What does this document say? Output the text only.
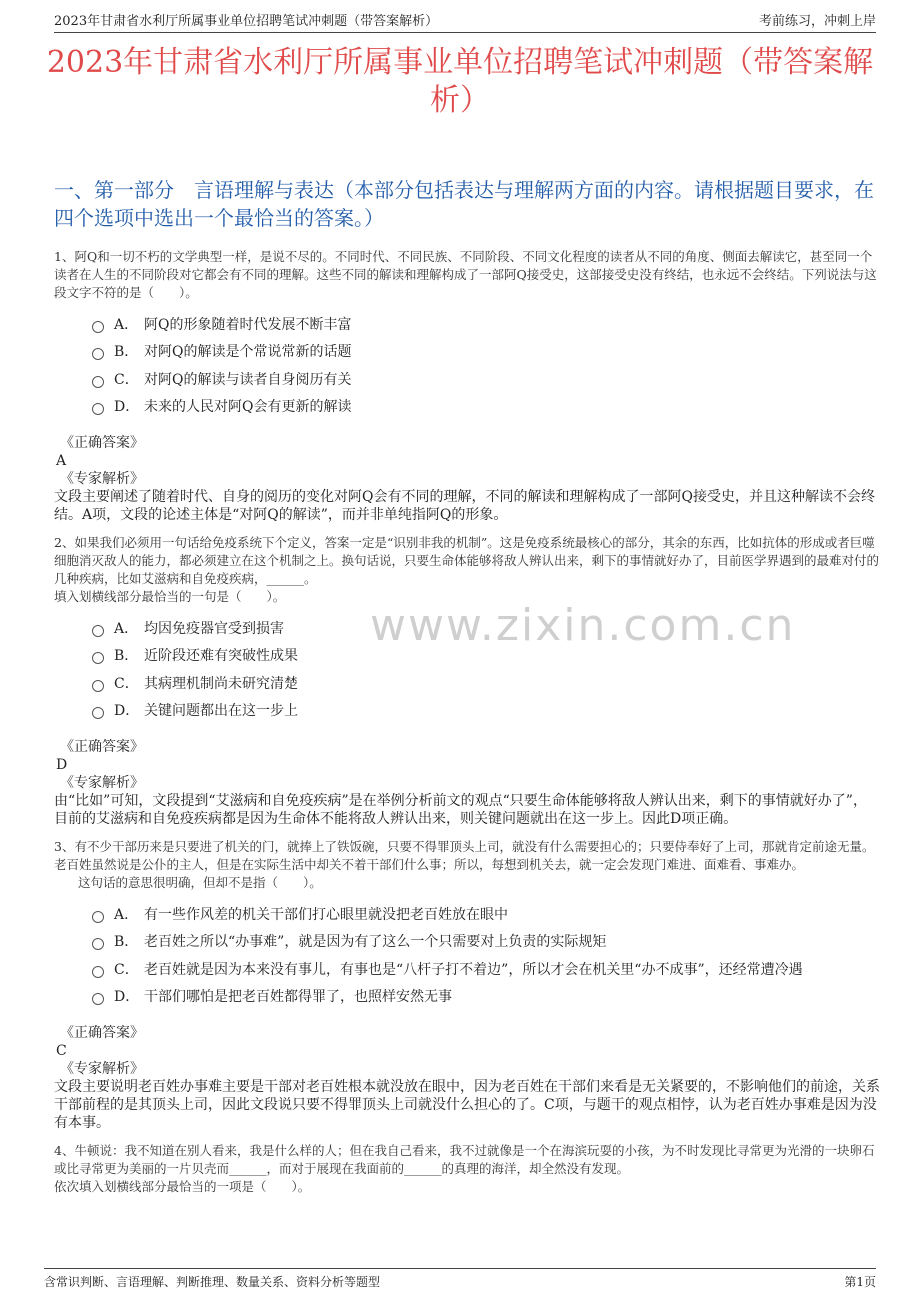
2023年甘肃省水利厅所属事业单位招聘笔试冲刺题（带答案解析）	考前练习，冲刺上岸
2023年甘肃省水利厅所属事业单位招聘笔试冲刺题（带答案解析）
一、第一部分　言语理解与表达（本部分包括表达与理解两方面的内容。请根据题目要求，在四个选项中选出一个最恰当的答案。）
www.zixin.com.cn

1、阿Q和一切不朽的文学典型一样，是说不尽的。不同时代、不同民族、不同阶段、不同文化程度的读者从不同的角度、侧面去解读它，甚至同一个读者在人生的不同阶段对它都会有不同的理解。这些不同的解读和理解构成了一部阿Q接受史，这部接受史没有终结，也永远不会终结。下列说法与这段文字不符的是（　　）。

A． 阿Q的形象随着时代发展不断丰富
B． 对阿Q的解读是个常说常新的话题
C． 对阿Q的解读与读者自身阅历有关
D． 未来的人民对阿Q会有更新的解读
《正确答案》
A
《专家解析》

文段主要阐述了随着时代、自身的阅历的变化对阿Q会有不同的理解，不同的解读和理解构成了一部阿Q接受史，并且这种解读不会终结。A项，文段的论述主体是“对阿Q的解读”，而并非单纯指阿Q的形象。

2、如果我们必须用一句话给免疫系统下个定义，答案一定是“识别非我的机制”。这是免疫系统最核心的部分，其余的东西，比如抗体的形成或者巨噬细胞消灭敌人的能力，都必须建立在这个机制之上。换句话说，只要生命体能够将敌人辨认出来，剩下的事情就好办了，目前医学界遇到的最难对付的几种疾病，比如艾滋病和自免疫疾病，______。

填入划横线部分最恰当的一句是（　　）。

A． 均因免疫器官受到损害
B． 近阶段还难有突破性成果
C． 其病理机制尚未研究清楚
D． 关键问题都出在这一步上
《正确答案》
D
《专家解析》

由“比如”可知，文段提到“艾滋病和自免疫疾病”是在举例分析前文的观点“只要生命体能够将敌人辨认出来，剩下的事情就好办了”，目前的艾滋病和自免疫疾病都是因为生命体不能将敌人辨认出来，则关键问题就出在这一步上。因此D项正确。

3、有不少干部历来是只要进了机关的门，就捧上了铁饭碗，只要不得罪顶头上司，就没有什么需要担心的；只要侍奉好了上司，那就肯定前途无量。老百姓虽然说是公仆的主人，但是在实际生活中却关不着干部们什么事；所以，每想到机关去，就一定会发现门难进、面难看、事难办。

这句话的意思很明确，但却不是指（　　）。

A． 有一些作风差的机关干部们打心眼里就没把老百姓放在眼中
B． 老百姓之所以“办事难”，就是因为有了这么一个只需要对上负责的实际规矩
C． 老百姓就是因为本来没有事儿，有事也是“八杆子打不着边”，所以才会在机关里“办不成事”，还经常遭冷遇
D． 干部们哪怕是把老百姓都得罪了，也照样安然无事
《正确答案》
C
《专家解析》

文段主要说明老百姓办事难主要是干部对老百姓根本就没放在眼中，因为老百姓在干部们来看是无关紧要的，不影响他们的前途，关系干部前程的是其顶头上司，因此文段说只要不得罪顶头上司就没什么担心的了。C项，与题干的观点相悖，认为老百姓办事难是因为没有本事。

4、牛顿说：我不知道在别人看来，我是什么样的人；但在我自己看来，我不过就像是一个在海滨玩耍的小孩，为不时发现比寻常更为光滑的一块卵石或比寻常更为美丽的一片贝壳而______，而对于展现在我面前的______的真理的海洋，却全然没有发现。

依次填入划横线部分最恰当的一项是（　　）。

含常识判断、言语理解、判断推理、数量关系、资料分析等题型	第1页
